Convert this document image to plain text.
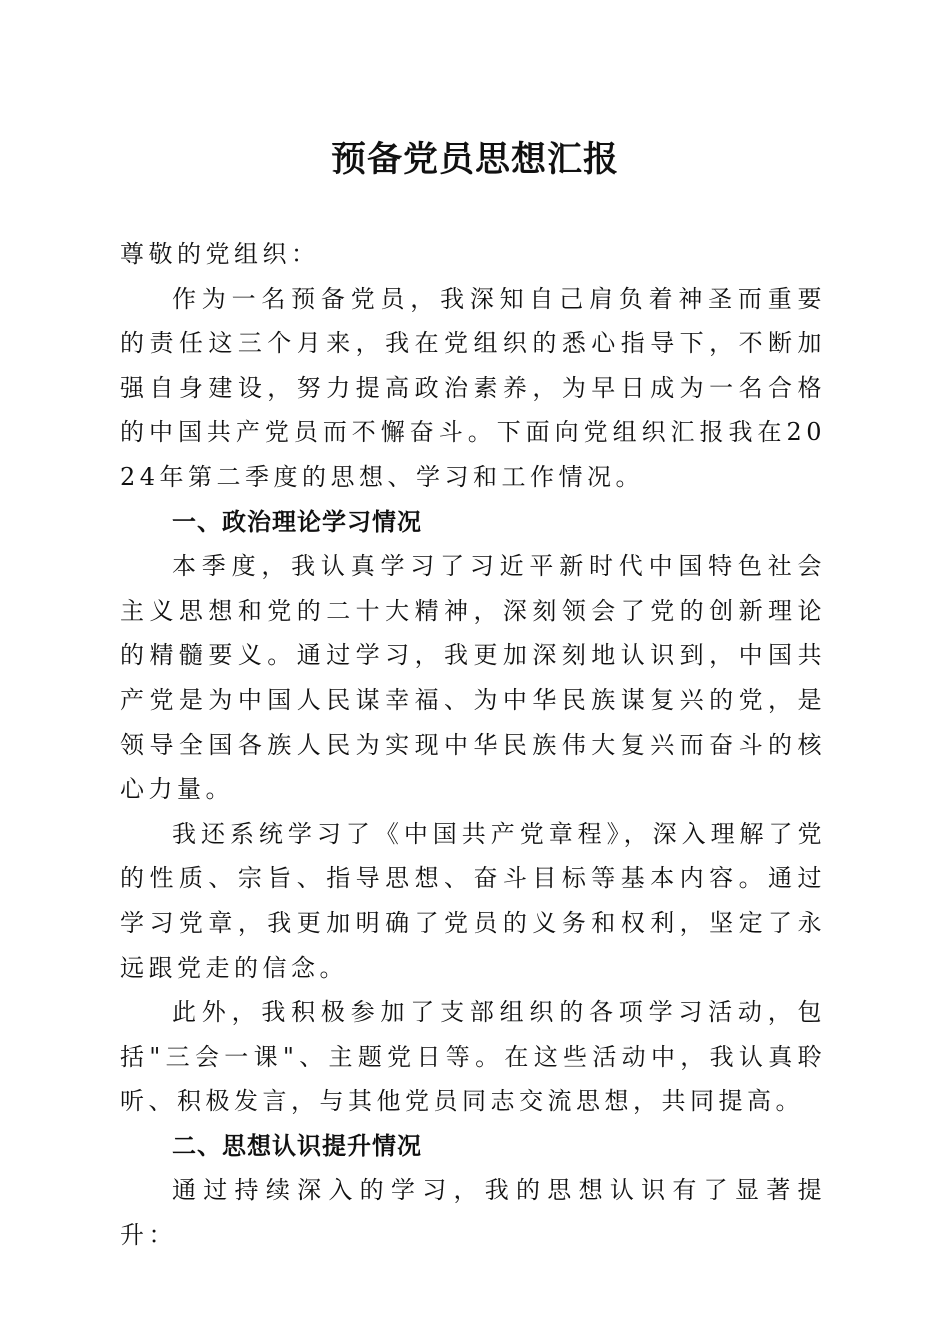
预备党员思想汇报

尊敬的党组织：

作为一名预备党员，我深知自己肩负着神圣而重要的责任这三个月来，我在党组织的悉心指导下，不断加强自身建设，努力提高政治素养，为早日成为一名合格的中国共产党员而不懈奋斗。下面向党组织汇报我在2024年第二季度的思想、学习和工作情况。

一、政治理论学习情况

本季度，我认真学习了习近平新时代中国特色社会主义思想和党的二十大精神，深刻领会了党的创新理论的精髓要义。通过学习，我更加深刻地认识到，中国共产党是为中国人民谋幸福、为中华民族谋复兴的党，是领导全国各族人民为实现中华民族伟大复兴而奋斗的核心力量。

我还系统学习了《中国共产党章程》，深入理解了党的性质、宗旨、指导思想、奋斗目标等基本内容。通过学习党章，我更加明确了党员的义务和权利，坚定了永远跟党走的信念。

此外，我积极参加了支部组织的各项学习活动，包括"三会一课"、主题党日等。在这些活动中，我认真聆听、积极发言，与其他党员同志交流思想，共同提高。

二、思想认识提升情况

通过持续深入的学习，我的思想认识有了显著提升：
